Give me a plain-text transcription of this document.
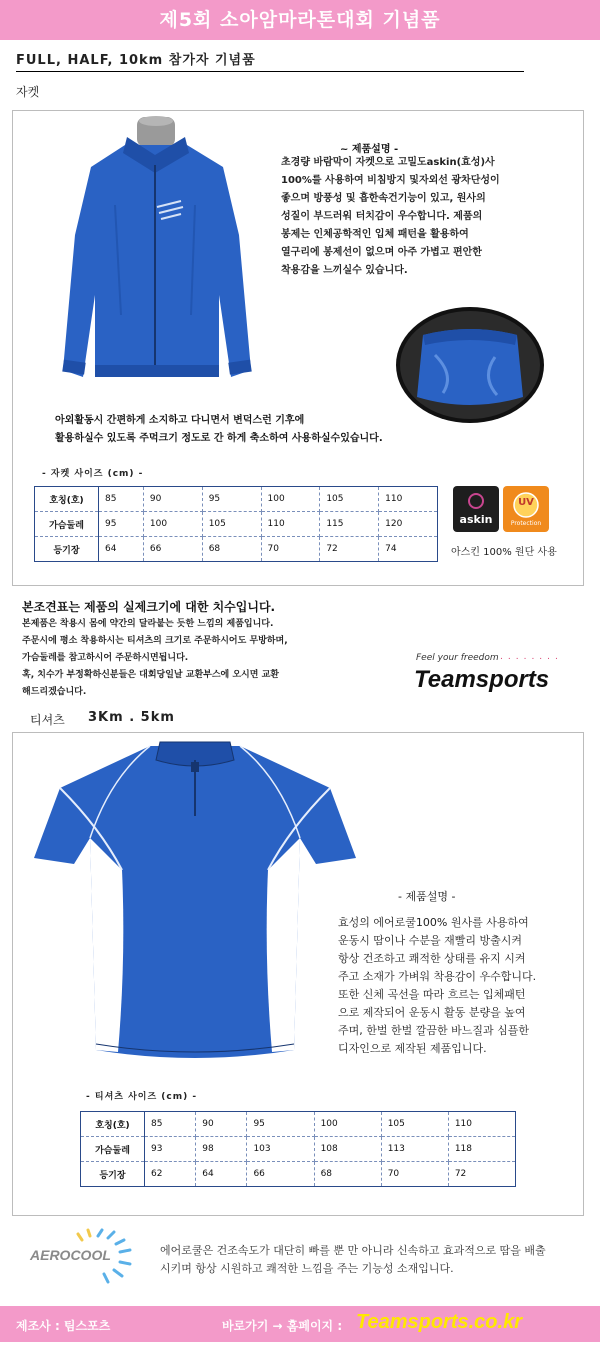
제5회 소아암마라톤대회 기념품
FULL, HALF, 10km 참가자 기념품
자켓
~ 제품설명 -
초경량 바람막이 자켓으로 고밀도askin(효성)사
100%를 사용하여 비침방지 및자외선 광차단성이
좋으며 방풍성 및 흡한속건기능이 있고, 원사의
성질이 부드러워 터치감이 우수합니다. 제품의
봉제는 인체공학적인 입체 패턴을 활용하여
열구리에 봉제선이 없으며 아주 가볍고 편안한
착용감을 느끼실수 있습니다.
아외활동시 간편하게 소지하고 다니면서 변덕스런 기후에
활용하실수 있도록 주먹크기 정도로 간 하게 축소하여 사용하실수있습니다.
- 자켓 사이즈 (cm) -
호칭(호)	85	90	95	100	105	110
가슴둘레	95	100	105	110	115	120
등기장	64	66	68	70	72	74
askin
UV
Protection
아스킨 100% 원단 사용
본조견표는 제품의 실제크기에 대한 치수입니다.
본제품은 착용시 몸에 약간의 달라붙는 듯한 느낌의 제품입니다.
주문시에 평소 착용하시는 티셔츠의 크기로 주문하시어도 무방하며,
가슴둘레를 참고하시어 주문하시면됩니다.
혹, 치수가 부정확하신분들은 대회당일날 교환부스에 오시면 교환
해드리겠습니다.
Feel your freedom ........
Teamsports
티셔츠 3Km . 5km
- 제품설명 -
효성의 에어로쿨100% 원사를 사용하여
운동시 땀이나 수분을 재빨리 방출시켜
항상 건조하고 쾌적한 상태를 유지 시켜
주고 소재가 가벼워 착용감이 우수합니다.
또한 신체 곡선을 따라 흐르는 입체패턴
으로 제작되어 운동시 활동 분량을 높여
주며, 한벌 한벌 깔끔한 바느질과 심플한
디자인으로 제작된 제품입니다.
- 티셔츠 사이즈 (cm) -
호칭(호)	85	90	95	100	105	110
가슴둘레	93	98	103	108	113	118
등기장	62	64	66	68	70	72
AEROCOOL	에어로쿨은 건조속도가 대단히 빠를 뿐 만 아니라 신속하고 효과적으로 땀을 배출
시키며 항상 시원하고 쾌적한 느낌을 주는 기능성 소재입니다.
제조사 : 팀스포츠	바로가기 → 홈페이지 : Teamsports.co.kr
